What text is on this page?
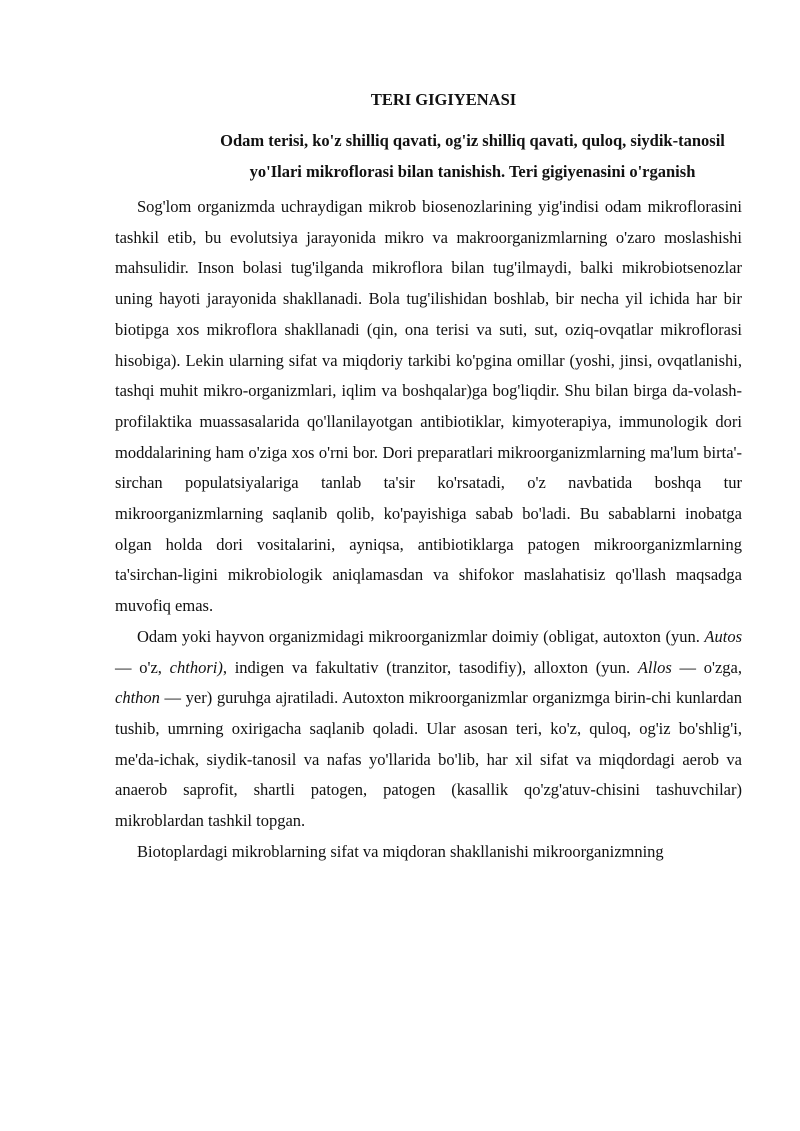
TERI GIGIYENASI
Odam terisi, ko'z shilliq qavati, og'iz shilliq qavati, quloq, siydik-tanosil yo'Ilari mikroflorasi bilan tanishish. Teri gigiyenasini o'rganish

Sog'lom organizmda uchraydigan mikrob biosenozlarining yig'indisi odam mikroflorasini tashkil etib, bu evolutsiya jarayonida mikro va makroorganizmlarning o'zaro moslashishi mahsulidir. Inson bolasi tug'ilganda mikroflora bilan tug'ilmaydi, balki mikrobiotsenozlar uning hayoti jarayonida shakllanadi. Bola tug'ilishidan boshlab, bir necha yil ichida har bir biotipga xos mikroflora shakllanadi (qin, ona terisi va suti, sut, oziq-ovqatlar mikroflorasi hisobiga). Lekin ularning sifat va miqdoriy tarkibi ko'pgina omillar (yoshi, jinsi, ovqatlanishi, tashqi muhit mikro-organizmlari, iqlim va boshqalar)ga bog'liqdir. Shu bilan birga da-volash-profilaktika muassasalarida qo'llanilayotgan antibiotiklar, kimyoterapiya, immunologik dori moddalarining ham o'ziga xos o'rni bor. Dori preparatlari mikroorganizmlarning ma'lum birta'-sirchan populatsiyalariga tanlab ta'sir ko'rsatadi, o'z navbatida boshqa tur mikroorganizmlarning saqlanib qolib, ko'payishiga sabab bo'ladi. Bu sabablarni inobatga olgan holda dori vositalarini, ayniqsa, antibiotiklarga patogen mikroorganizmlarning ta'sirchan-ligini mikrobiologik aniqlamasdan va shifokor maslahatisiz qo'llash maqsadga muvofiq emas.

Odam yoki hayvon organizmidagi mikroorganizmlar doimiy (obligat, autoxton (yun. Autos — o'z, chthori), indigen va fakultativ (tranzitor, tasodifiy), alloxton (yun. Allos — o'zga, chthon — yer) guruhga ajratiladi. Autoxton mikroorganizmlar organizmga birin-chi kunlardan tushib, umrning oxirigacha saqlanib qoladi. Ular asosan teri, ko'z, quloq, og'iz bo'shlig'i, me'da-ichak, siydik-tanosil va nafas yo'llarida bo'lib, har xil sifat va miqdordagi aerob va anaerob saprofit, shartli patogen, patogen (kasallik qo'zg'atuv-chisini tashuvchilar) mikroblardan tashkil topgan.

Biotoplardagi mikroblarning sifat va miqdoran shakllanishi mikroorganizmning
